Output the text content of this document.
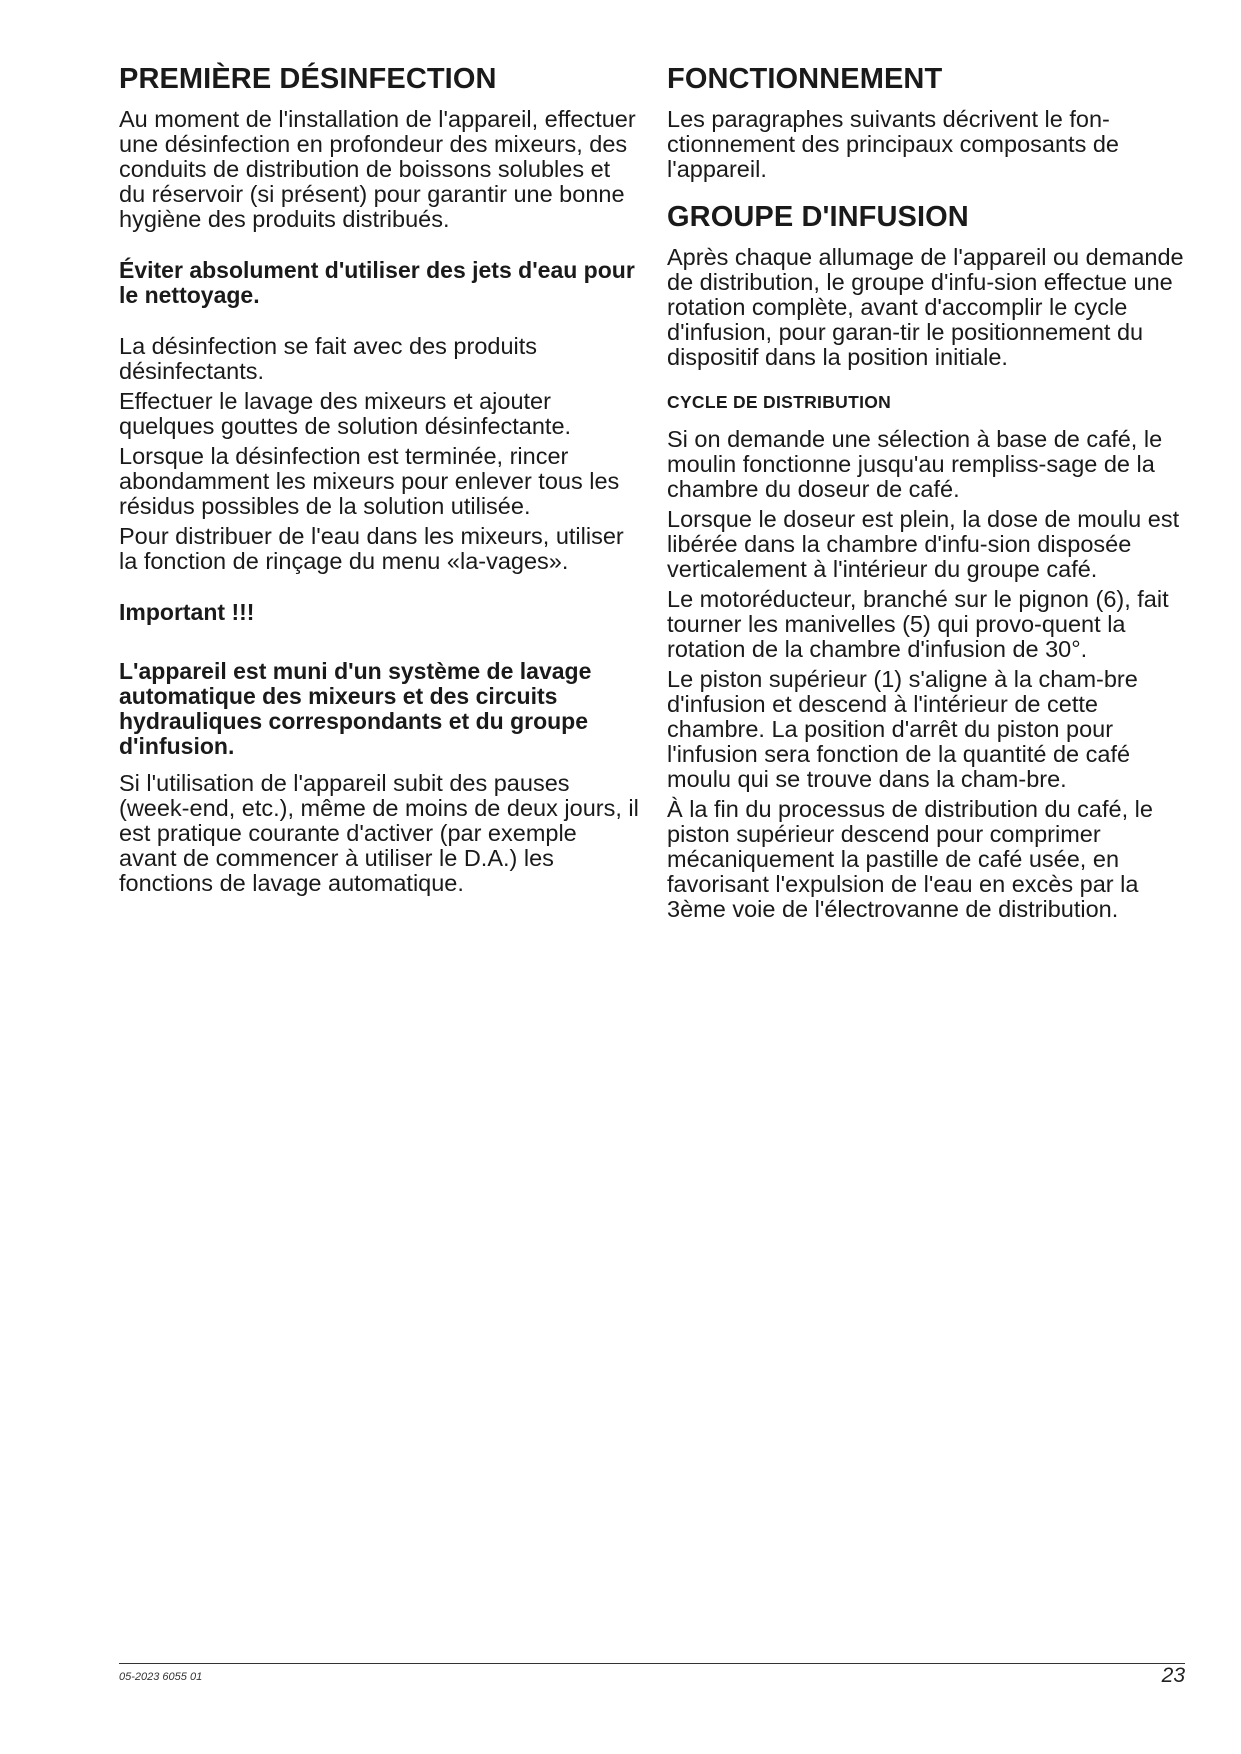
PREMIÈRE DÉSINFECTION

Au moment de l'installation de l'appareil, effectuer une désinfection en profondeur des mixeurs, des conduits de distribution de boissons solubles et du réservoir (si présent) pour garantir une bonne hygiène des produits distribués.

Éviter absolument d'utiliser des jets d'eau pour le nettoyage.

La désinfection se fait avec des produits désinfectants.

Effectuer le lavage des mixeurs et ajouter quelques gouttes de solution désinfectante.

Lorsque la désinfection est terminée, rincer abondamment les mixeurs pour enlever tous les résidus possibles de la solution utilisée.

Pour distribuer de l'eau dans les mixeurs, utiliser la fonction de rinçage du menu «la-vages».

Important !!!

L'appareil est muni d'un système de lavage automatique des mixeurs et des circuits hydrauliques correspondants et du groupe d'infusion.

Si l'utilisation de l'appareil subit des pauses (week-end, etc.), même de moins de deux jours, il est pratique courante d'activer (par exemple avant de commencer à utiliser le D.A.) les fonctions de lavage automatique.

FONCTIONNEMENT

Les paragraphes suivants décrivent le fon-ctionnement des principaux composants de l'appareil.

GROUPE D'INFUSION

Après chaque allumage de l'appareil ou demande de distribution, le groupe d'infu-sion effectue une rotation complète, avant d'accomplir le cycle d'infusion, pour garan-tir le positionnement du dispositif dans la position initiale.

CYCLE DE DISTRIBUTION

Si on demande une sélection à base de café, le moulin fonctionne jusqu'au rempliss-sage de la chambre du doseur de café.

Lorsque le doseur est plein, la dose de moulu est libérée dans la chambre d'infu-sion disposée verticalement à l'intérieur du groupe café.

Le motoréducteur, branché sur le pignon (6), fait tourner les manivelles (5) qui provo-quent la rotation de la chambre d'infusion de 30°.

Le piston supérieur (1) s'aligne à la cham-bre d'infusion et descend à l'intérieur de cette chambre. La position d'arrêt du piston pour l'infusion sera fonction de la quantité de café moulu qui se trouve dans la cham-bre.

À la fin du processus de distribution du café, le piston supérieur descend pour comprimer mécaniquement la pastille de café usée, en favorisant l'expulsion de l'eau en excès par la 3ème voie de l'électrovanne de distribution.

05-2023 6055 01	23
